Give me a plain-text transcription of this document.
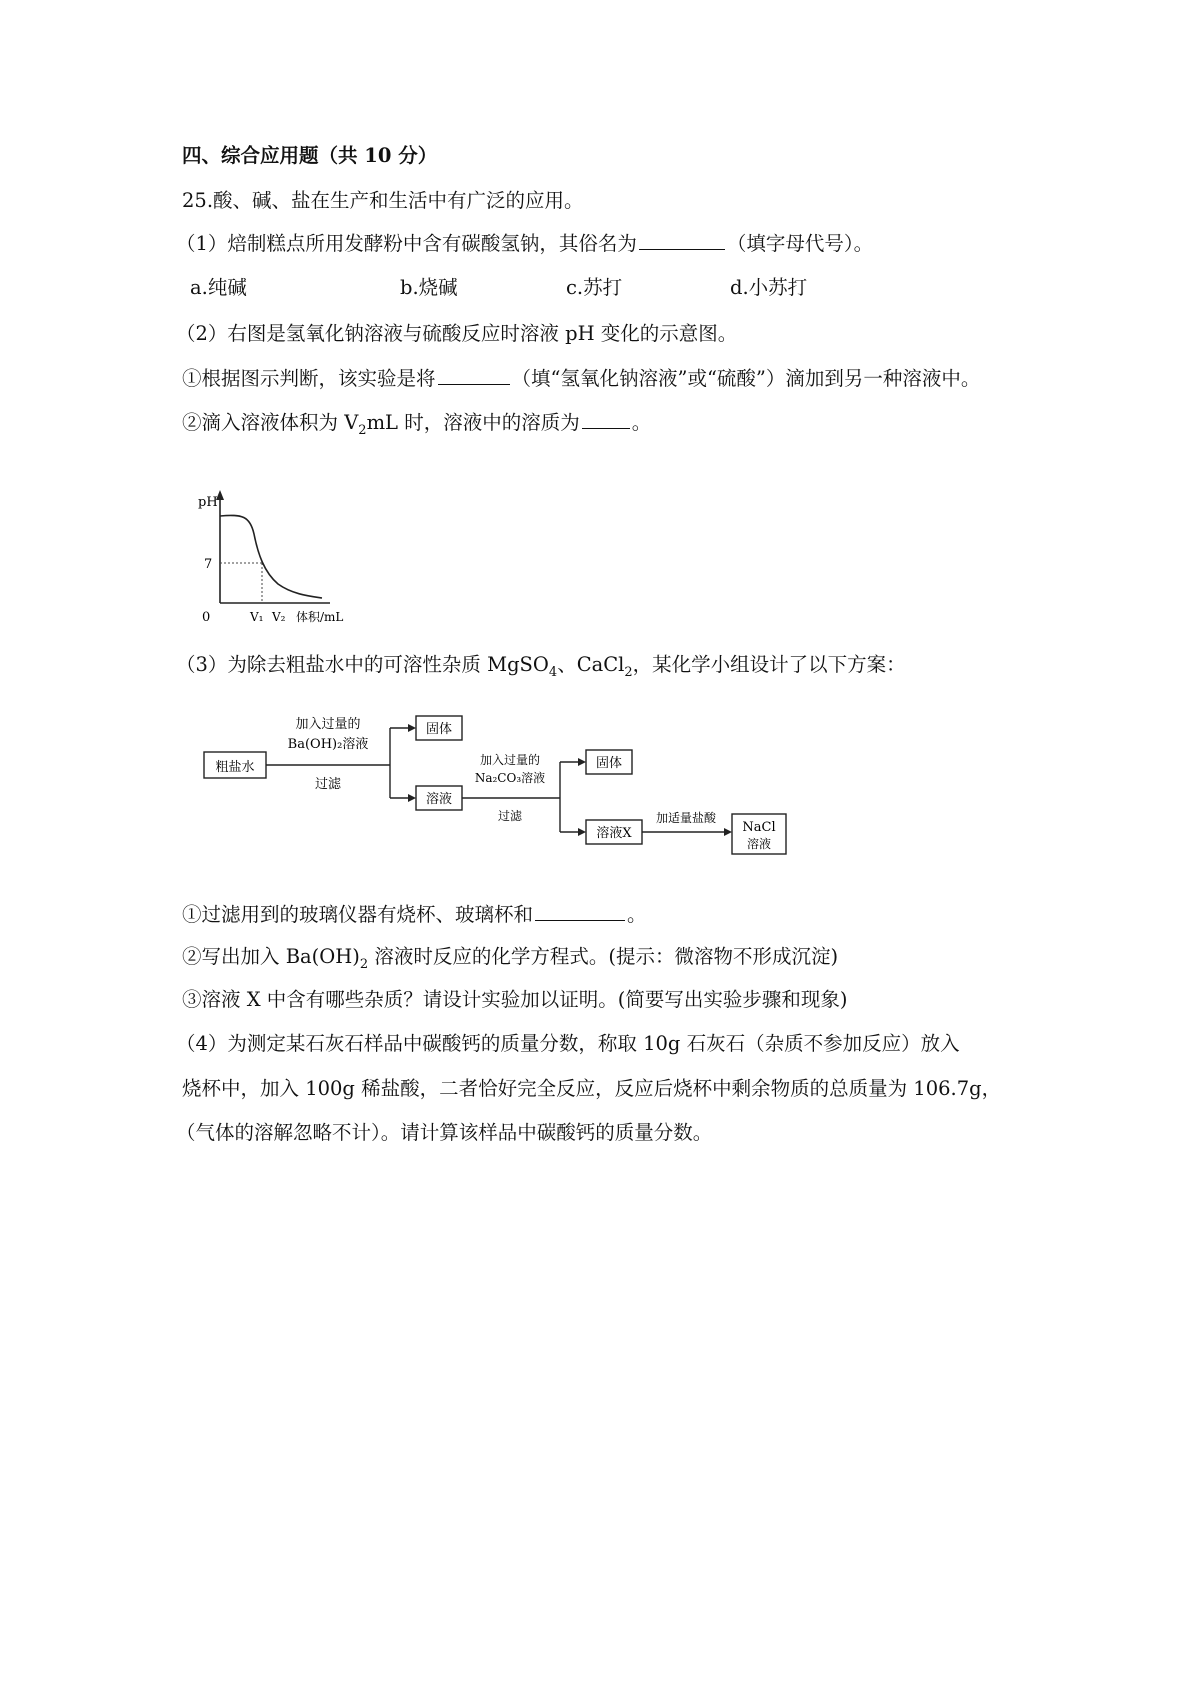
四、综合应用题（共 10 分）
25.酸、碱、盐在生产和生活中有广泛的应用。
（1）焙制糕点所用发酵粉中含有碳酸氢钠，其俗名为	（填字母代号）。
a.纯碱	b.烧碱	c.苏打	d.小苏打
（2）右图是氢氧化钠溶液与硫酸反应时溶液 pH 变化的示意图。
①根据图示判断，该实验是将	（填“氢氧化钠溶液”或“硫酸”）滴加到另一种溶液中。
②滴入溶液体积为 $V_2mL$ 时，溶液中的溶质为	。
pH
7
0	V₁ V₂ 体积/mL
（3）为除去粗盐水中的可溶性杂质 MgSO$_4$、CaCl$_2$，某化学小组设计了以下方案：
粗盐水
加入过量的
Ba(OH)₂溶液
过滤
固体
溶液
加入过量的
Na₂CO₃溶液
过滤
固体
溶液X
加适量盐酸
NaCl
溶液
①过滤用到的玻璃仪器有烧杯、玻璃杯和	。
②写出加入 $Ba(OH)_2$ 溶液时反应的化学方程式。(提示：微溶物不形成沉淀)
③溶液 X 中含有哪些杂质？请设计实验加以证明。(简要写出实验步骤和现象)
（4）为测定某石灰石样品中碳酸钙的质量分数，称取 10g 石灰石（杂质不参加反应）放入
烧杯中，加入 100g 稀盐酸，二者恰好完全反应，反应后烧杯中剩余物质的总质量为 106.7g，
（气体的溶解忽略不计）。请计算该样品中碳酸钙的质量分数。
